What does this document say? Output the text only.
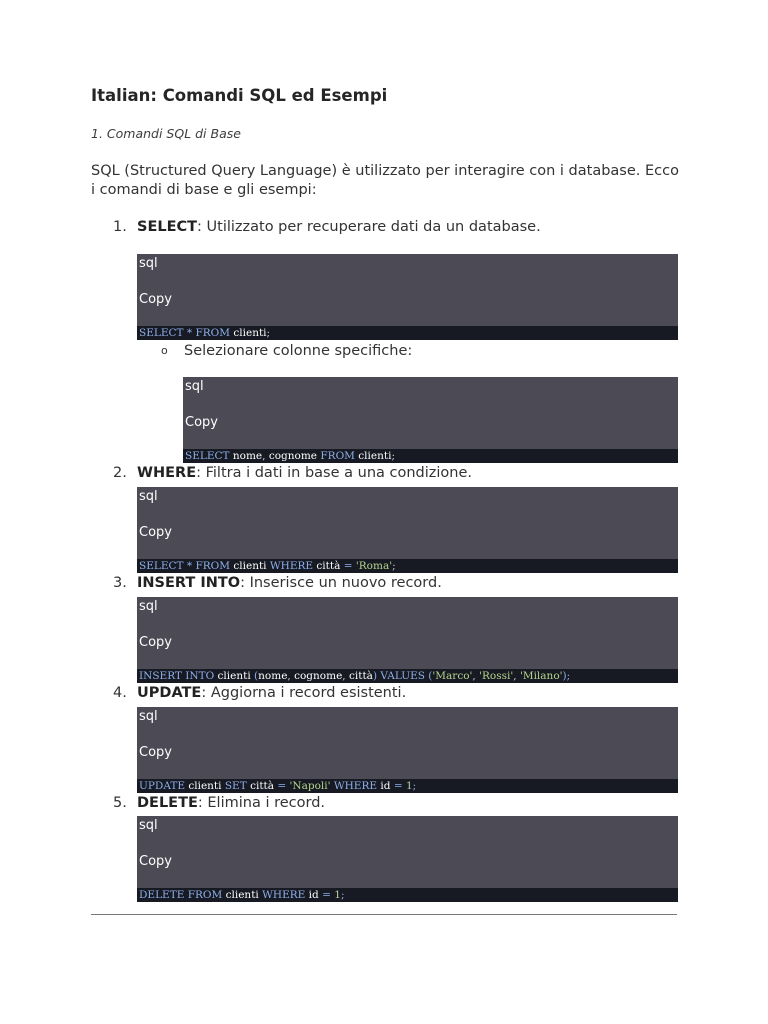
Italian: Comandi SQL ed Esempi

1. Comandi SQL di Base

SQL (Structured Query Language) è utilizzato per interagire con i database. Ecco i comandi di base e gli esempi:

1. SELECT: Utilizzato per recuperare dati da un database.
sql
Copy
SELECT * FROM clienti;
o Selezionare colonne specifiche:
sql
Copy
SELECT nome, cognome FROM clienti;
2. WHERE: Filtra i dati in base a una condizione.
sql
Copy
SELECT * FROM clienti WHERE città = 'Roma';
3. INSERT INTO: Inserisce un nuovo record.
sql
Copy
INSERT INTO clienti (nome, cognome, città) VALUES ('Marco', 'Rossi', 'Milano');
4. UPDATE: Aggiorna i record esistenti.
sql
Copy
UPDATE clienti SET città = 'Napoli' WHERE id = 1;
5. DELETE: Elimina i record.
sql
Copy
DELETE FROM clienti WHERE id = 1;
